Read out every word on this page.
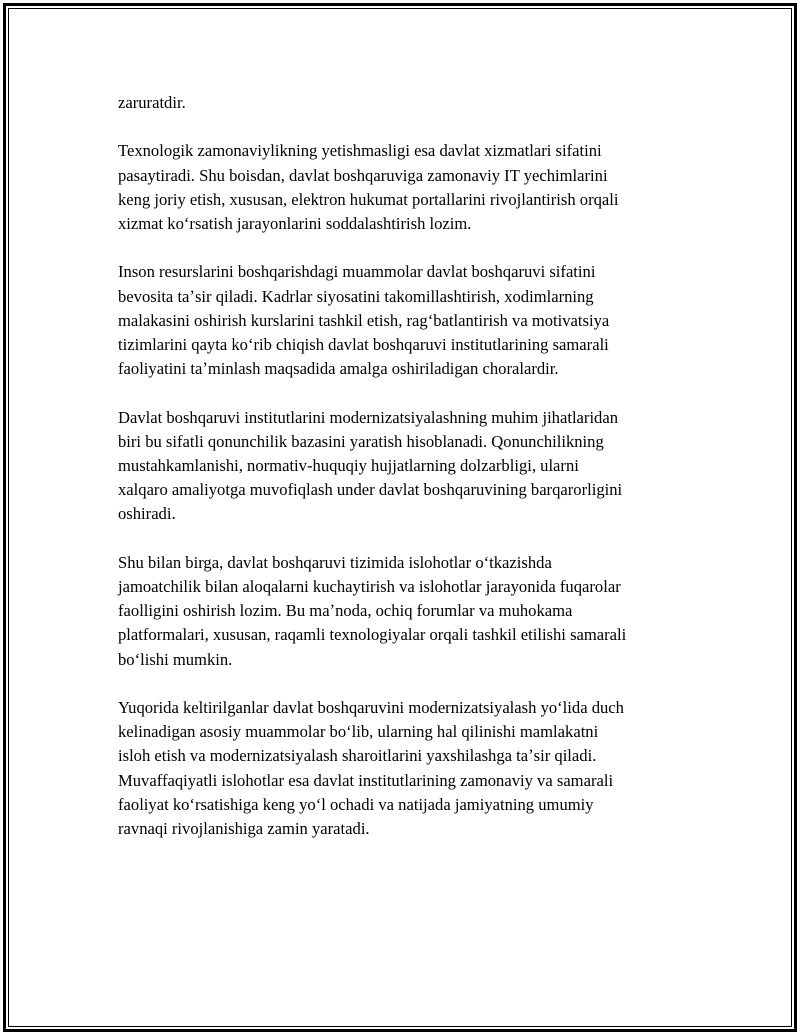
zaruratdir.

Texnologik zamonaviylikning yetishmasligi esa davlat xizmatlari sifatini
pasaytiradi. Shu boisdan, davlat boshqaruviga zamonaviy IT yechimlarini
keng joriy etish, xususan, elektron hukumat portallarini rivojlantirish orqali
xizmat koʻrsatish jarayonlarini soddalashtirish lozim.

Inson resurslarini boshqarishdagi muammolar davlat boshqaruvi sifatini
bevosita taʼsir qiladi. Kadrlar siyosatini takomillashtirish, xodimlarning
malakasini oshirish kurslarini tashkil etish, ragʻbatlantirish va motivatsiya
tizimlarini qayta koʻrib chiqish davlat boshqaruvi institutlarining samarali
faoliyatini taʼminlash maqsadida amalga oshiriladigan choralardir.

Davlat boshqaruvi institutlarini modernizatsiyalashning muhim jihatlaridan
biri bu sifatli qonunchilik bazasini yaratish hisoblanadi. Qonunchilikning
mustahkamlanishi, normativ-huquqiy hujjatlarning dolzarbligi, ularni
xalqaro amaliyotga muvofiqlash under davlat boshqaruvining barqarorligini
oshiradi.

Shu bilan birga, davlat boshqaruvi tizimida islohotlar oʻtkazishda
jamoatchilik bilan aloqalarni kuchaytirish va islohotlar jarayonida fuqarolar
faolligini oshirish lozim. Bu maʼnoda, ochiq forumlar va muhokama
platformalari, xususan, raqamli texnologiyalar orqali tashkil etilishi samarali
boʻlishi mumkin.

Yuqorida keltirilganlar davlat boshqaruvini modernizatsiyalash yoʻlida duch
kelinadigan asosiy muammolar boʻlib, ularning hal qilinishi mamlakatni
isloh etish va modernizatsiyalash sharoitlarini yaxshilashga taʼsir qiladi.
Muvaffaqiyatli islohotlar esa davlat institutlarining zamonaviy va samarali
faoliyat koʻrsatishiga keng yoʻl ochadi va natijada jamiyatning umumiy
ravnaqi rivojlanishiga zamin yaratadi.
